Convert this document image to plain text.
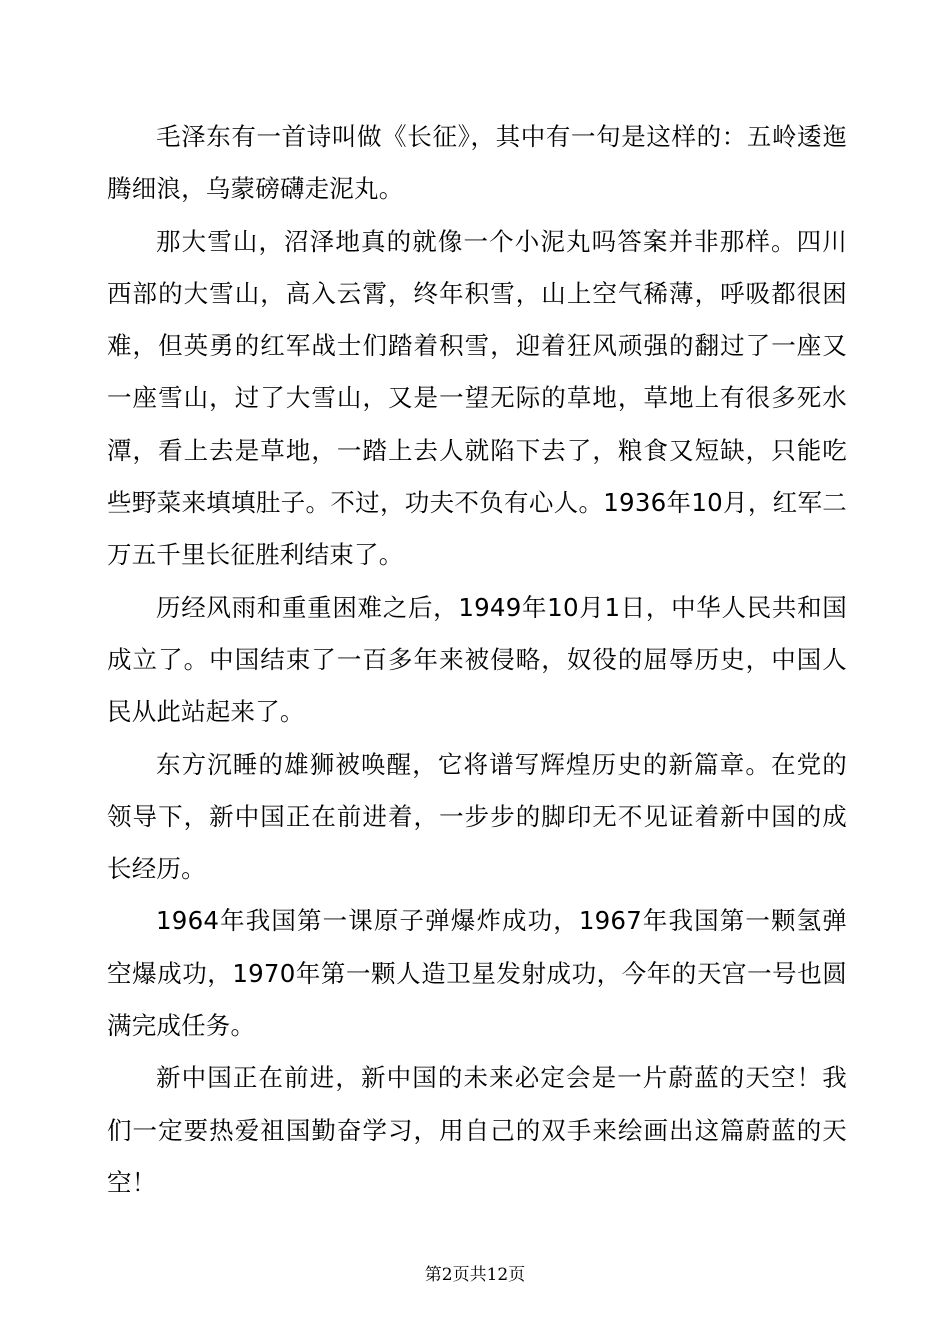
毛泽东有一首诗叫做《长征》，其中有一句是这样的：五岭逶迤腾细浪，乌蒙磅礴走泥丸。

那大雪山，沼泽地真的就像一个小泥丸吗答案并非那样。四川西部的大雪山，高入云霄，终年积雪，山上空气稀薄，呼吸都很困难，但英勇的红军战士们踏着积雪，迎着狂风顽强的翻过了一座又一座雪山，过了大雪山，又是一望无际的草地，草地上有很多死水潭，看上去是草地，一踏上去人就陷下去了，粮食又短缺，只能吃些野菜来填填肚子。不过，功夫不负有心人。1936年10月，红军二万五千里长征胜利结束了。

历经风雨和重重困难之后，1949年10月1日，中华人民共和国成立了。中国结束了一百多年来被侵略，奴役的屈辱历史，中国人民从此站起来了。

东方沉睡的雄狮被唤醒，它将谱写辉煌历史的新篇章。在党的领导下，新中国正在前进着，一步步的脚印无不见证着新中国的成长经历。

1964年我国第一课原子弹爆炸成功，1967年我国第一颗氢弹空爆成功，1970年第一颗人造卫星发射成功，今年的天宫一号也圆满完成任务。

新中国正在前进，新中国的未来必定会是一片蔚蓝的天空！我们一定要热爱祖国勤奋学习，用自己的双手来绘画出这篇蔚蓝的天空！

第2页共12页
